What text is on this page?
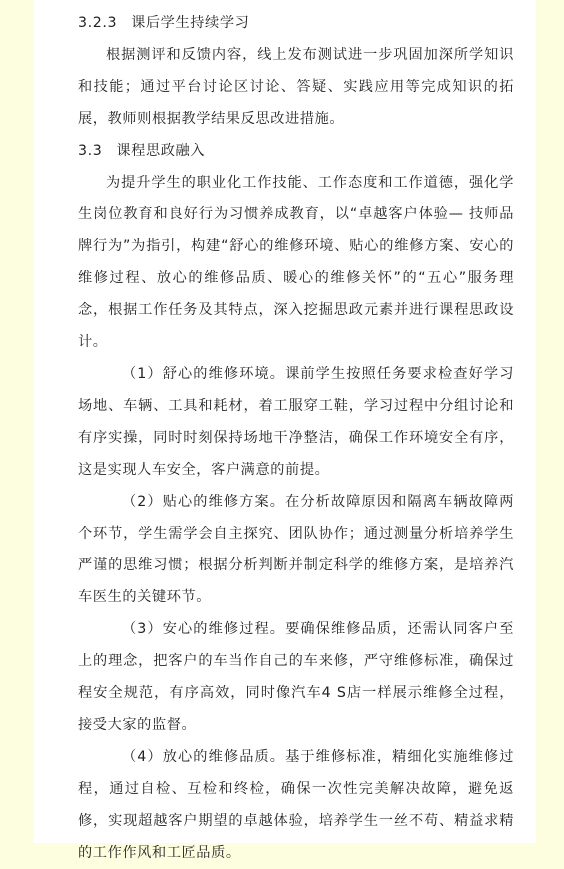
3.2.3 课后学生持续学习

根据测评和反馈内容，线上发布测试进一步巩固加深所学知识和技能；通过平台讨论区讨论、答疑、实践应用等完成知识的拓展，教师则根据教学结果反思改进措施。

3.3 课程思政融入

为提升学生的职业化工作技能、工作态度和工作道德，强化学生岗位教育和良好行为习惯养成教育，以“卓越客户体验— 技师品牌行为”为指引，构建“舒心的维修环境、贴心的维修方案、安心的维修过程、放心的维修品质、暖心的维修关怀”的“五心”服务理念，根据工作任务及其特点，深入挖掘思政元素并进行课程思政设计。

（1）舒心的维修环境。课前学生按照任务要求检查好学习场地、车辆、工具和耗材，着工服穿工鞋，学习过程中分组讨论和有序实操，同时时刻保持场地干净整洁，确保工作环境安全有序，这是实现人车安全，客户满意的前提。

（2）贴心的维修方案。在分析故障原因和隔离车辆故障两个环节，学生需学会自主探究、团队协作；通过测量分析培养学生严谨的思维习惯；根据分析判断并制定科学的维修方案，是培养汽车医生的关键环节。

（3）安心的维修过程。要确保维修品质，还需认同客户至上的理念，把客户的车当作自己的车来修，严守维修标准，确保过程安全规范，有序高效，同时像汽车4 S店一样展示维修全过程，接受大家的监督。

（4）放心的维修品质。基于维修标准，精细化实施维修过程，通过自检、互检和终检，确保一次性完美解决故障，避免返修，实现超越客户期望的卓越体验，培养学生一丝不苟、精益求精的工作作风和工匠品质。
